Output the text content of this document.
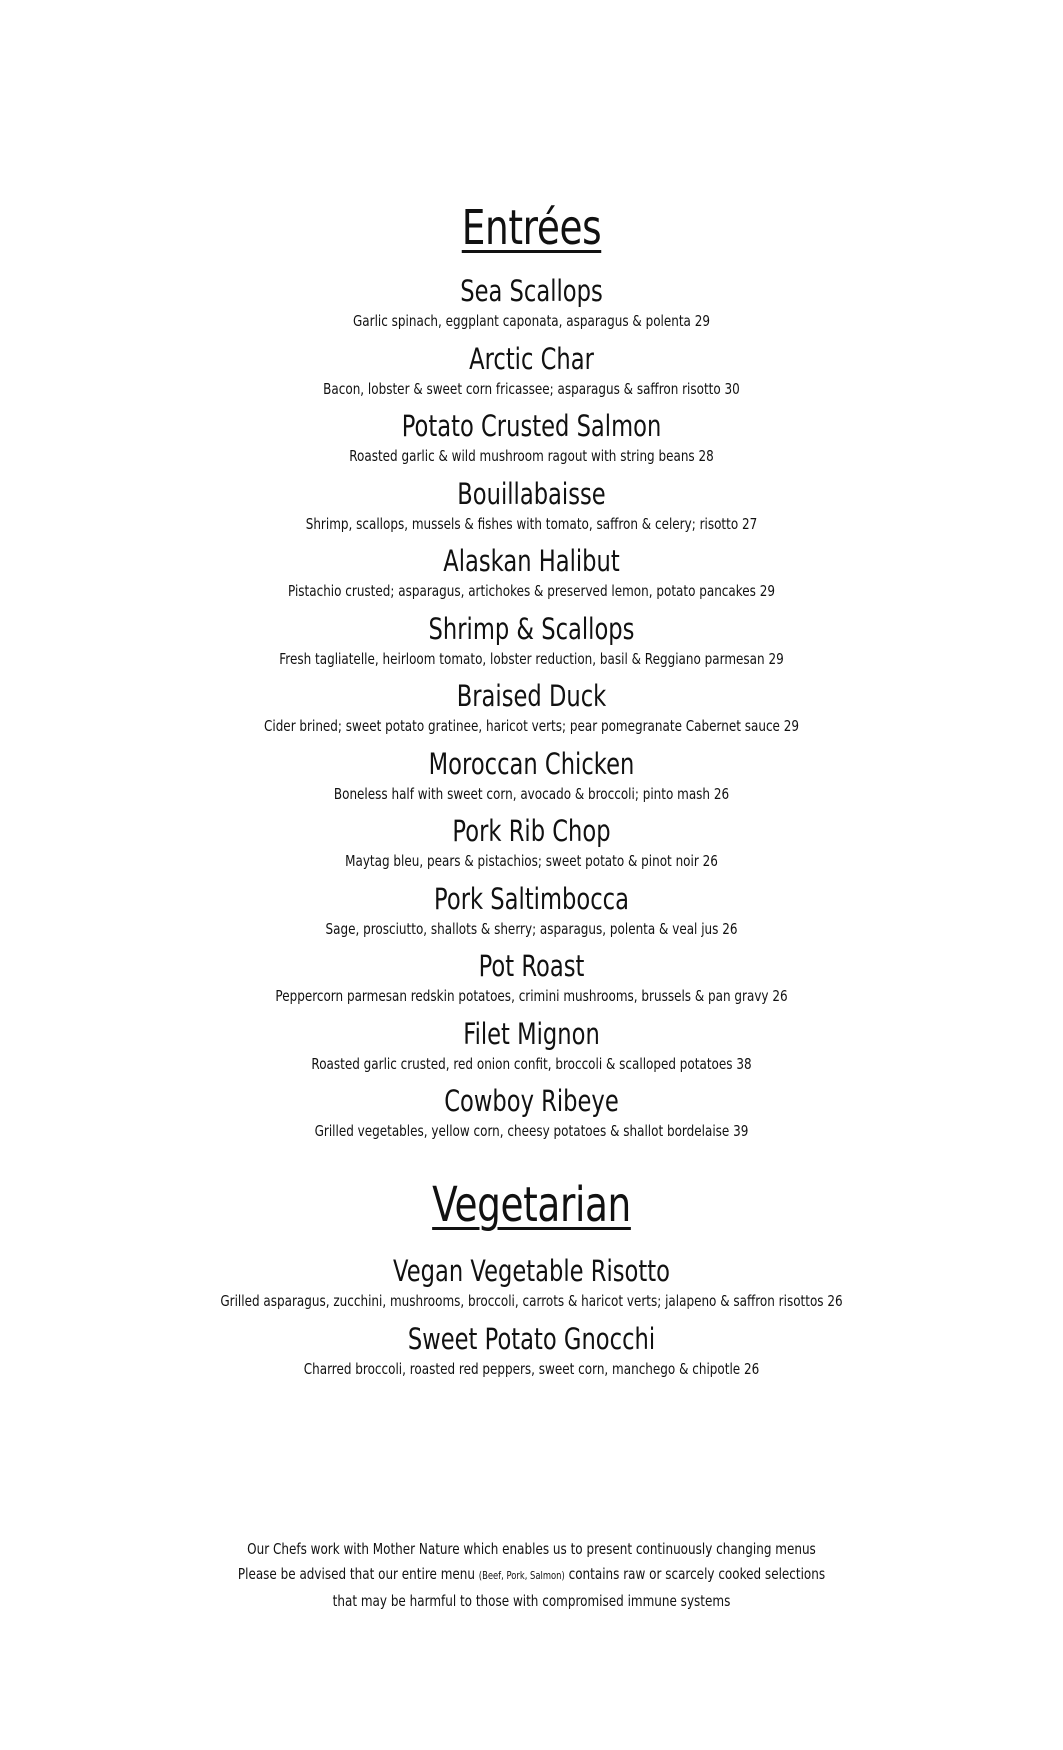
Entrées
Sea Scallops
Garlic spinach, eggplant caponata, asparagus & polenta 29
Arctic Char
Bacon, lobster & sweet corn fricassee; asparagus & saffron risotto 30
Potato Crusted Salmon
Roasted garlic & wild mushroom ragout with string beans 28
Bouillabaisse
Shrimp, scallops, mussels & fishes with tomato, saffron & celery; risotto 27
Alaskan Halibut
Pistachio crusted; asparagus, artichokes & preserved lemon, potato pancakes 29
Shrimp & Scallops
Fresh tagliatelle, heirloom tomato, lobster reduction, basil & Reggiano parmesan 29
Braised Duck
Cider brined; sweet potato gratinee, haricot verts; pear pomegranate Cabernet sauce 29
Moroccan Chicken
Boneless half with sweet corn, avocado & broccoli; pinto mash 26
Pork Rib Chop
Maytag bleu, pears & pistachios; sweet potato & pinot noir 26
Pork Saltimbocca
Sage, prosciutto, shallots & sherry; asparagus, polenta & veal jus 26
Pot Roast
Peppercorn parmesan redskin potatoes, crimini mushrooms, brussels & pan gravy 26
Filet Mignon
Roasted garlic crusted, red onion confit, broccoli & scalloped potatoes 38
Cowboy Ribeye
Grilled vegetables, yellow corn, cheesy potatoes & shallot bordelaise 39
Vegetarian
Vegan Vegetable Risotto
Grilled asparagus, zucchini, mushrooms, broccoli, carrots & haricot verts; jalapeno & saffron risottos 26
Sweet Potato Gnocchi
Charred broccoli, roasted red peppers, sweet corn, manchego & chipotle 26
Our Chefs work with Mother Nature which enables us to present continuously changing menus
Please be advised that our entire menu (Beef, Pork, Salmon) contains raw or scarcely cooked selections
that may be harmful to those with compromised immune systems
